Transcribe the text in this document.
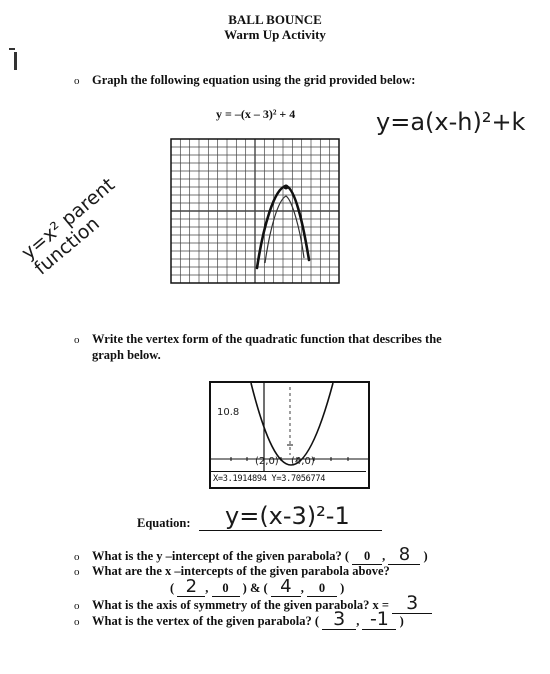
BALL BOUNCE
Warm Up Activity
o Graph the following equation using the grid provided below:
y = –(x – 3)² + 4	y=a(x-h)²+k
y=x² parent function
o Write the vertex form of the quadratic function that describes the
graph below.
10.8
(2,0) (4,0)
X=3.1914894 Y=3.7056774
Equation: y=(x-3)²-1
o What is the y –intercept of the given parabola? ( 0 , 8 )
o What are the x –intercepts of the given parabola above?
( 2 , 0 ) & ( 4 , 0 )
o What is the axis of symmetry of the given parabola? x = 3
o What is the vertex of the given parabola? ( 3 , -1 )
